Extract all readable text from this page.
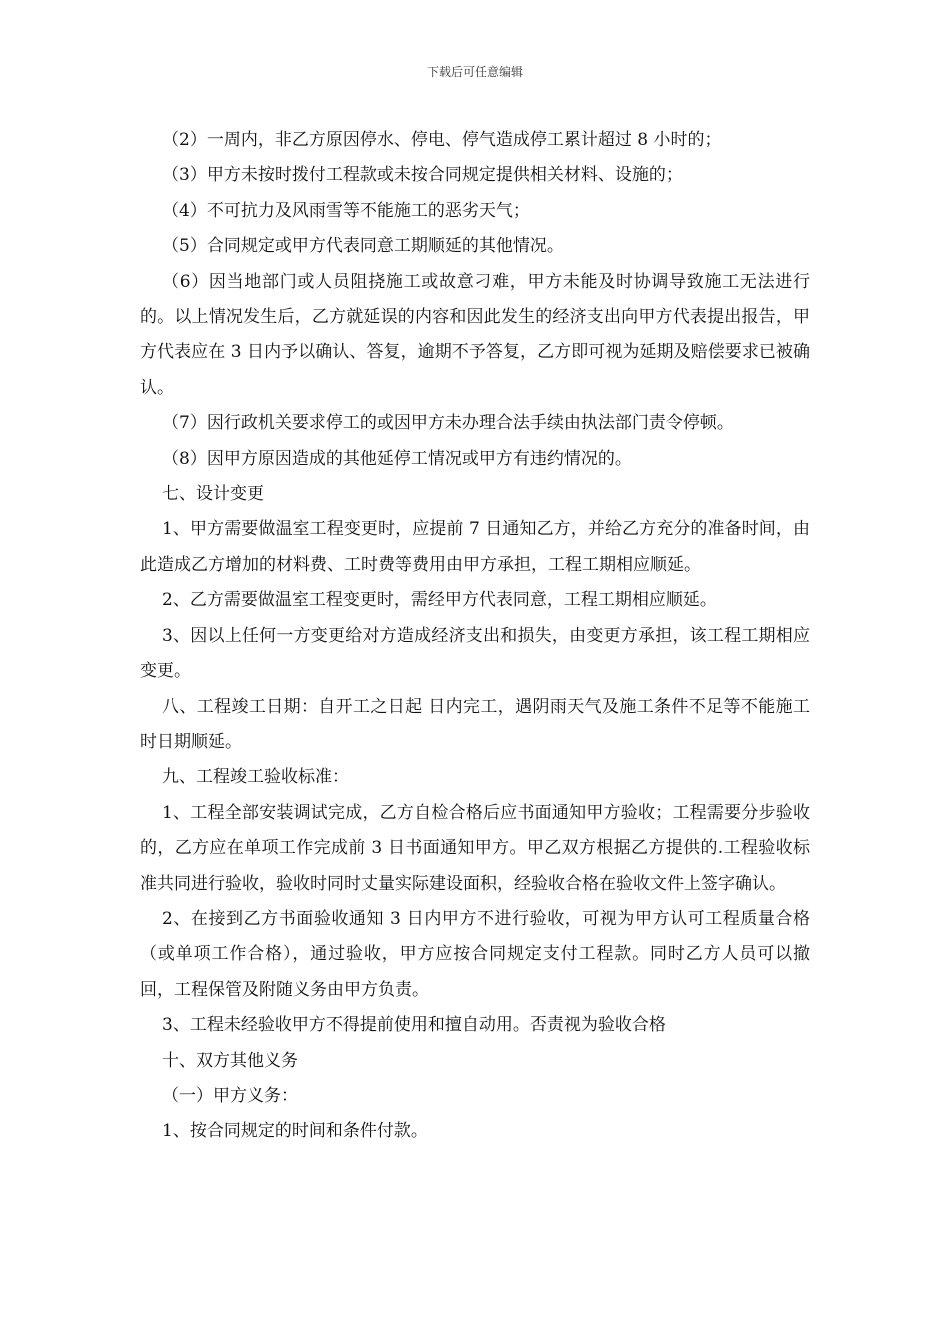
下载后可任意编辑

（2）一周内，非乙方原因停水、停电、停气造成停工累计超过 8 小时的；

（3）甲方未按时拨付工程款或未按合同规定提供相关材料、设施的；

（4）不可抗力及风雨雪等不能施工的恶劣天气；

（5）合同规定或甲方代表同意工期顺延的其他情况。

（6）因当地部门或人员阻挠施工或故意刁难，甲方未能及时协调导致施工无法进行的。以上情况发生后，乙方就延误的内容和因此发生的经济支出向甲方代表提出报告，甲方代表应在 3 日内予以确认、答复，逾期不予答复，乙方即可视为延期及赔偿要求已被确认。

（7）因行政机关要求停工的或因甲方未办理合法手续由执法部门责令停顿。

（8）因甲方原因造成的其他延停工情况或甲方有违约情况的。

七、设计变更

1、甲方需要做温室工程变更时，应提前 7 日通知乙方，并给乙方充分的准备时间，由此造成乙方增加的材料费、工时费等费用由甲方承担，工程工期相应顺延。

2、乙方需要做温室工程变更时，需经甲方代表同意，工程工期相应顺延。

3、因以上任何一方变更给对方造成经济支出和损失，由变更方承担，该工程工期相应变更。

八、工程竣工日期：自开工之日起 日内完工，遇阴雨天气及施工条件不足等不能施工时日期顺延。

九、工程竣工验收标准：

1、工程全部安装调试完成，乙方自检合格后应书面通知甲方验收；工程需要分步验收的，乙方应在单项工作完成前 3 日书面通知甲方。甲乙双方根据乙方提供的.工程验收标准共同进行验收，验收时同时丈量实际建设面积，经验收合格在验收文件上签字确认。

2、在接到乙方书面验收通知 3 日内甲方不进行验收，可视为甲方认可工程质量合格（或单项工作合格），通过验收，甲方应按合同规定支付工程款。同时乙方人员可以撤回，工程保管及附随义务由甲方负责。

3、工程未经验收甲方不得提前使用和擅自动用。否责视为验收合格

十、双方其他义务

（一）甲方义务：

1、按合同规定的时间和条件付款。
